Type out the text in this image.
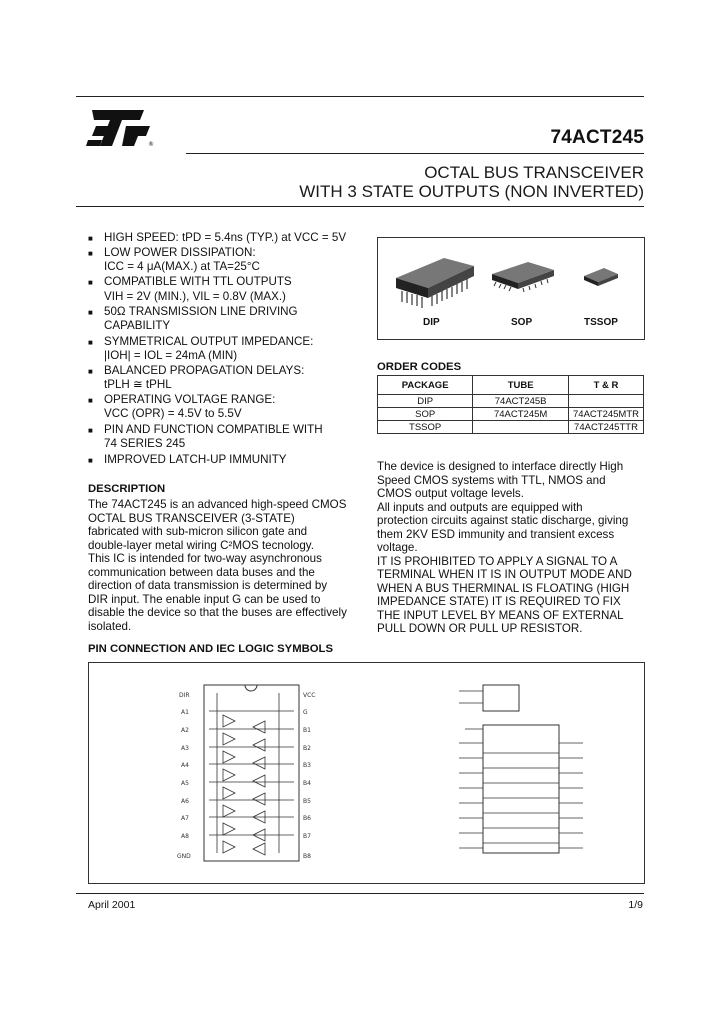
®	74ACT245
OCTAL BUS TRANSCEIVER
WITH 3 STATE OUTPUTS (NON INVERTED)
■ HIGH SPEED: tPD = 5.4ns (TYP.) at VCC = 5V
■ LOW POWER DISSIPATION:
ICC = 4 μA(MAX.) at TA=25°C
■ COMPATIBLE WITH TTL OUTPUTS
VIH = 2V (MIN.), VIL = 0.8V (MAX.)
■ 50Ω TRANSMISSION LINE DRIVING
CAPABILITY
■ SYMMETRICAL OUTPUT IMPEDANCE:
|IOH| = IOL = 24mA (MIN)
■ BALANCED PROPAGATION DELAYS:
tPLH ≅ tPHL
■ OPERATING VOLTAGE RANGE:
VCC (OPR) = 4.5V to 5.5V
■ PIN AND FUNCTION COMPATIBLE WITH
74 SERIES 245
■ IMPROVED LATCH-UP IMMUNITY
DESCRIPTION
The 74ACT245 is an advanced high-speed CMOS
OCTAL BUS TRANSCEIVER (3-STATE)
fabricated with sub-micron silicon gate and
double-layer metal wiring C²MOS tecnology.
This IC is intended for two-way asynchronous
communication between data buses and the
direction of data transmission is determined by
DIR input. The enable input G can be used to
disable the device so that the buses are effectively
isolated.
DIP	SOP	TSSOP
ORDER CODES
PACKAGE	TUBE	T & R
DIP	74ACT245B	
SOP	74ACT245M	74ACT245MTR
TSSOP		74ACT245TTR
The device is designed to interface directly High
Speed CMOS systems with TTL, NMOS and
CMOS output voltage levels.
All inputs and outputs are equipped with
protection circuits against static discharge, giving
them 2KV ESD immunity and transient excess
voltage.
IT IS PROHIBITED TO APPLY A SIGNAL TO A
TERMINAL WHEN IT IS IN OUTPUT MODE AND
WHEN A BUS THERMINAL IS FLOATING (HIGH
IMPEDANCE STATE) IT IS REQUIRED TO FIX
THE INPUT LEVEL BY MEANS OF EXTERNAL
PULL DOWN OR PULL UP RESISTOR.
PIN CONNECTION AND IEC LOGIC SYMBOLS
DIR
A1
A2
A3
A4
A5
A6
A7
A8
GND
VCC
G
B1
B2
B3
B4
B5
B6
B7
B8
April 2001	1/9
